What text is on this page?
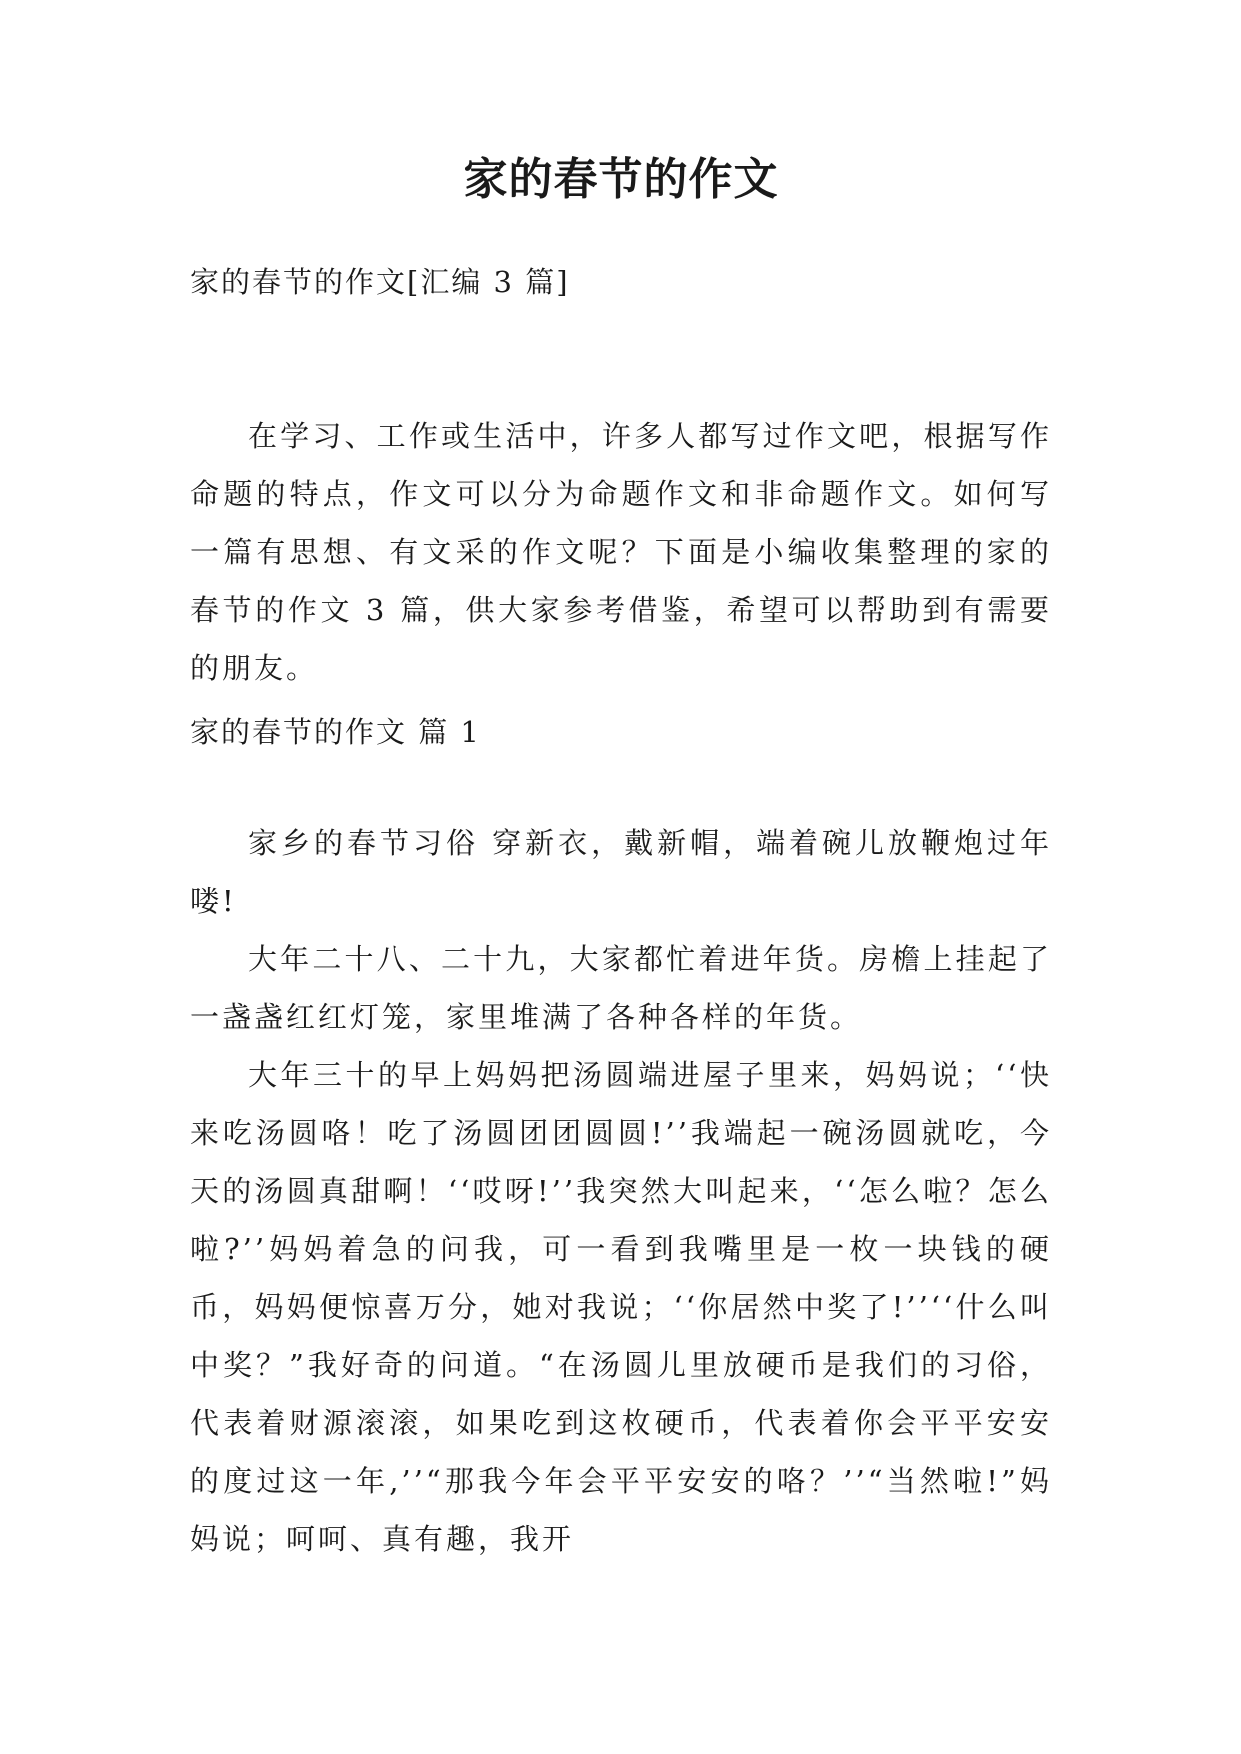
家的春节的作文

家的春节的作文[汇编 3 篇]

在学习、工作或生活中，许多人都写过作文吧，根据写作命题的特点，作文可以分为命题作文和非命题作文。如何写一篇有思想、有文采的作文呢？下面是小编收集整理的家的春节的作文 3 篇，供大家参考借鉴，希望可以帮助到有需要的朋友。

家的春节的作文 篇 1

家乡的春节习俗 穿新衣，戴新帽，端着碗儿放鞭炮过年喽!

大年二十八、二十九，大家都忙着进年货。房檐上挂起了一盏盏红红灯笼，家里堆满了各种各样的年货。

大年三十的早上妈妈把汤圆端进屋子里来，妈妈说；‘‘快来吃汤圆咯！吃了汤圆团团圆圆!’’我端起一碗汤圆就吃，今天的汤圆真甜啊！‘‘哎呀!’’我突然大叫起来，‘‘怎么啦？怎么啦?’’妈妈着急的问我，可一看到我嘴里是一枚一块钱的硬币，妈妈便惊喜万分，她对我说；‘‘你居然中奖了!’’‘‘什么叫中奖？”我好奇的问道。“在汤圆儿里放硬币是我们的习俗，代表着财源滚滚，如果吃到这枚硬币，代表着你会平平安安的度过这一年,’’“那我今年会平平安安的咯？’’“当然啦!”妈妈说；呵呵、真有趣，我开
